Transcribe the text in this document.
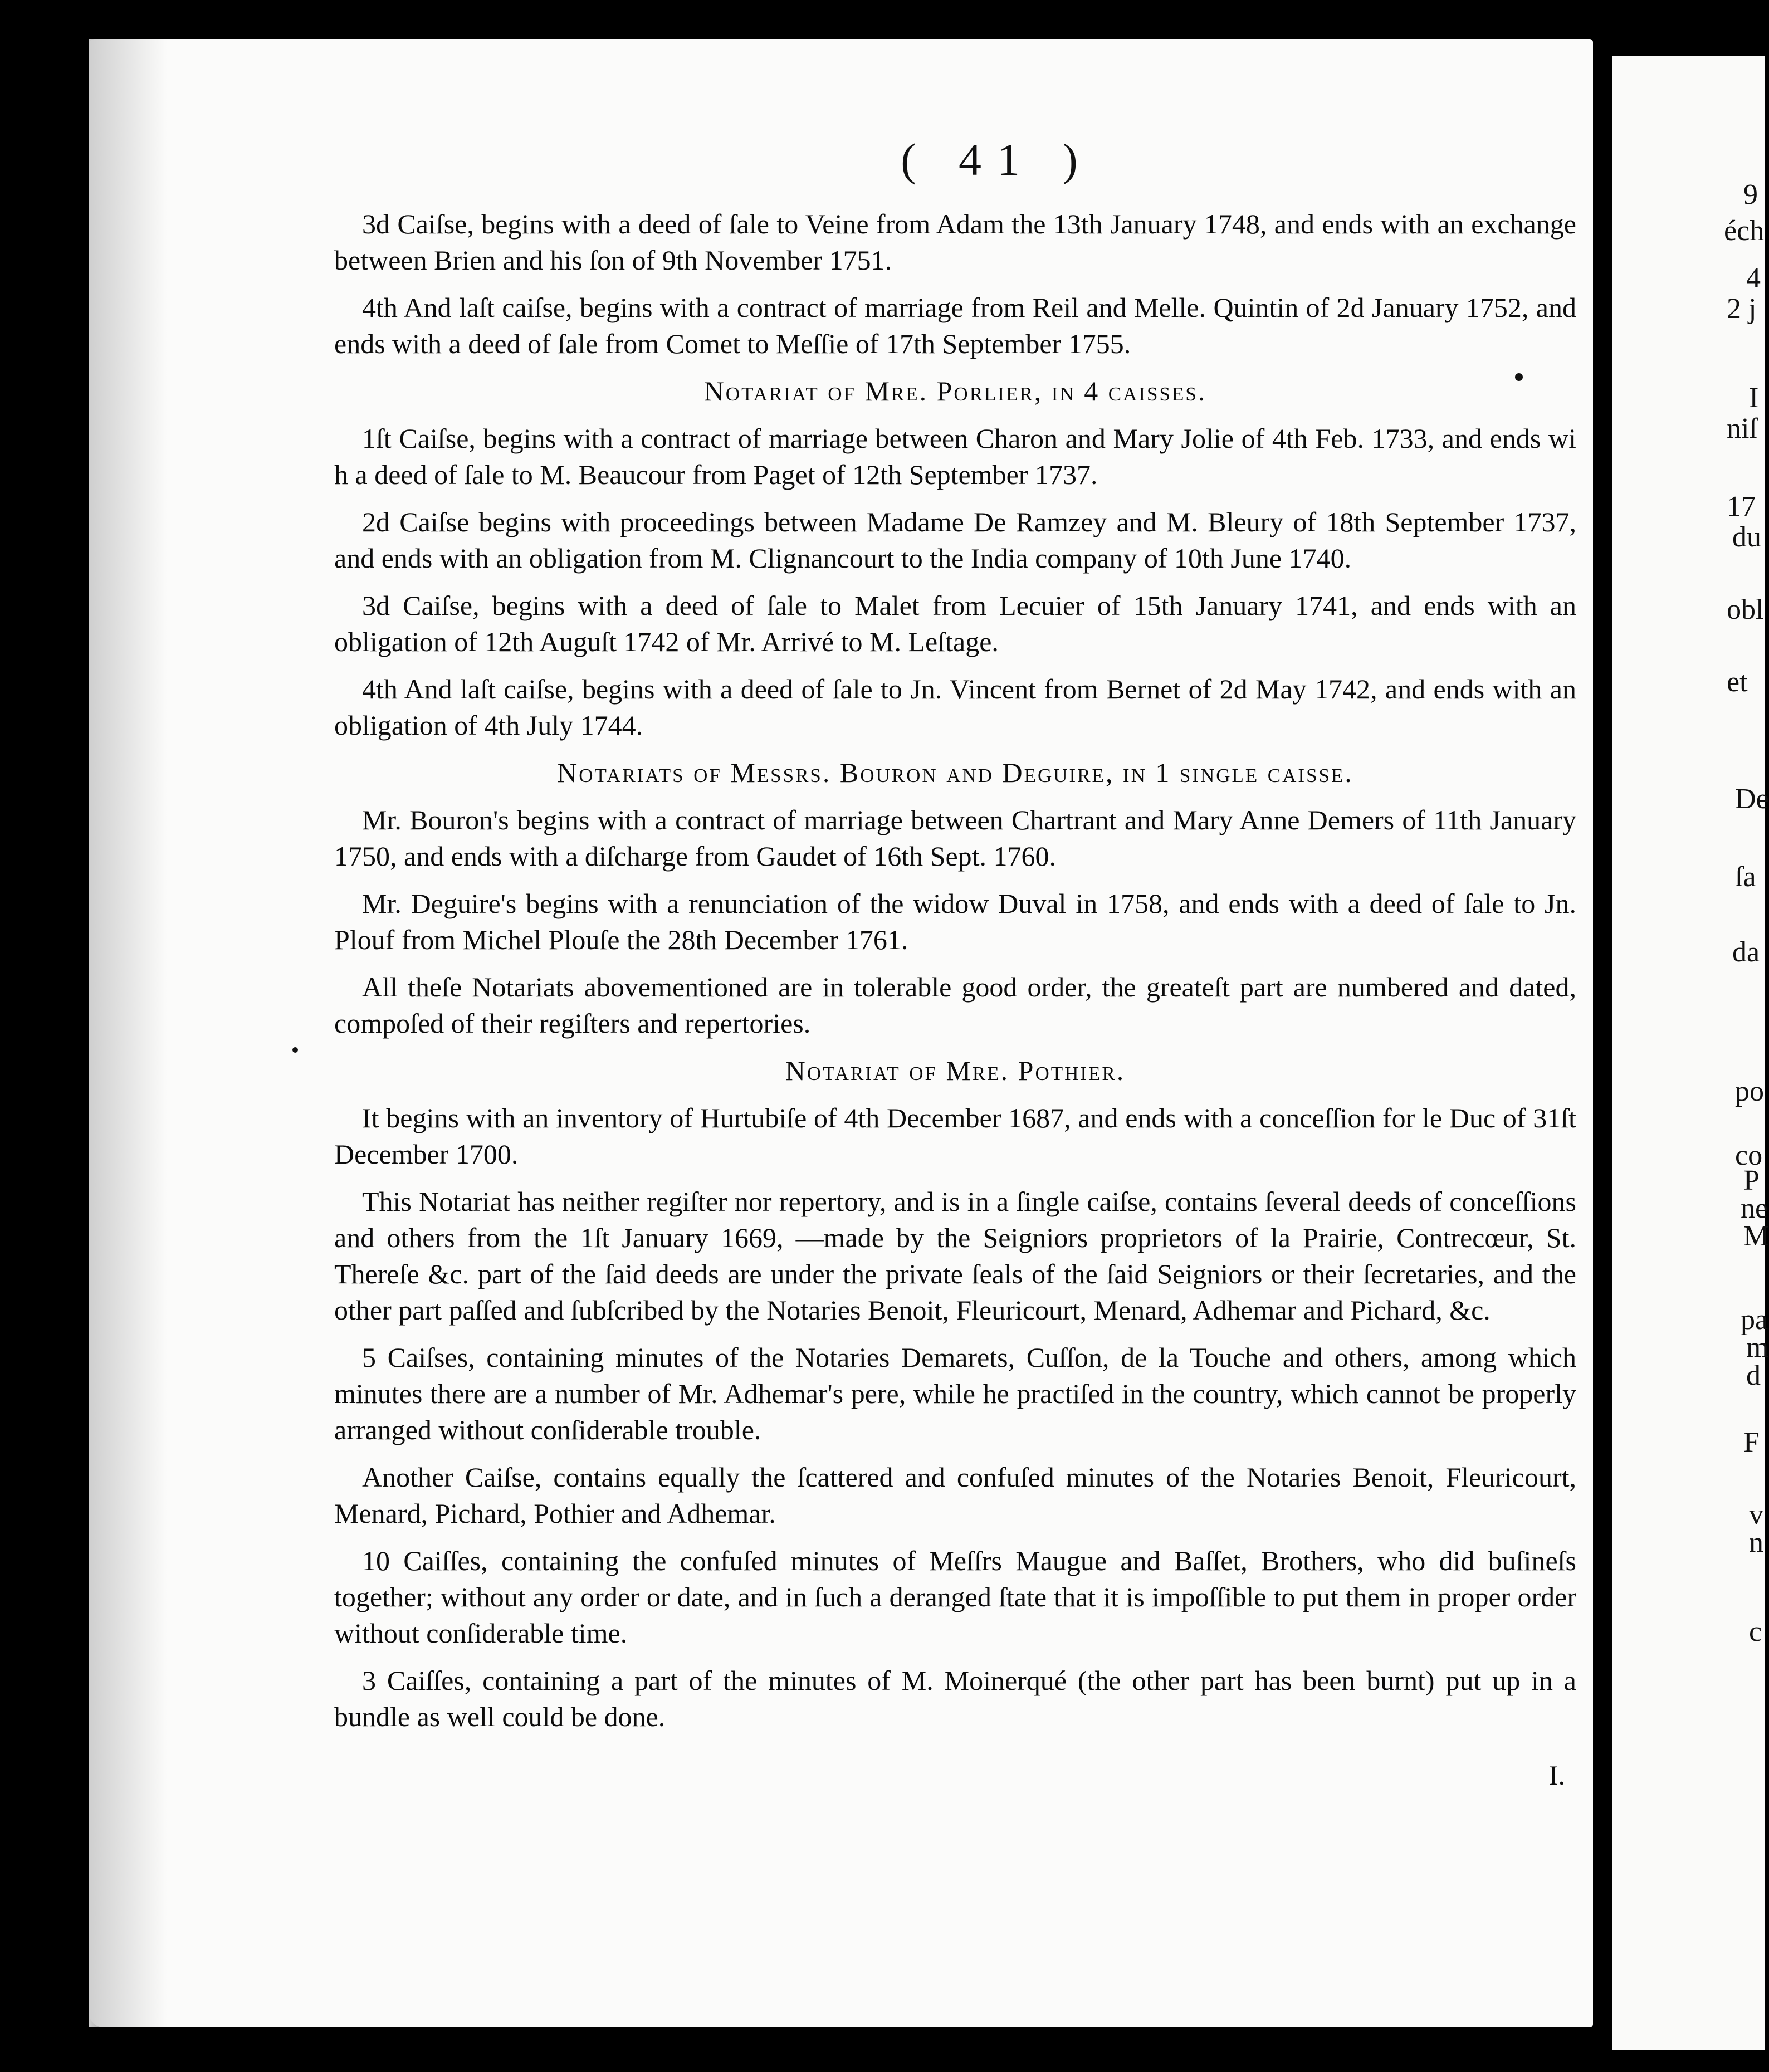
( 41 )

3d Caiſse, begins with a deed of ſale to Veine from Adam the 13th January 1748, and ends with an exchange between Brien and his ſon of 9th November 1751.

4th And laſt caiſse, begins with a contract of marriage from Reil and Melle. Quintin of 2d January 1752, and ends with a deed of ſale from Comet to Meſſie of 17th September 1755.

Notariat of Mre. Porlier, in 4 caiſses.

1ſt Caiſse, begins with a contract of marriage between Charon and Mary Jolie of 4th Feb. 1733, and ends wi h a deed of ſale to M. Beaucour from Paget of 12th September 1737.

2d Caiſse begins with proceedings between Madame De Ramzey and M. Bleury of 18th September 1737, and ends with an obligation from M. Clignancourt to the India company of 10th June 1740.

3d Caiſse, begins with a deed of ſale to Malet from Lecuier of 15th January 1741, and ends with an obligation of 12th Auguſt 1742 of Mr. Arrivé to M. Leſtage.

4th And laſt caiſse, begins with a deed of ſale to Jn. Vincent from Bernet of 2d May 1742, and ends with an obligation of 4th July 1744.

Notariats of Meſſrs. Bouron and Deguire, in 1 ſingle caiſse.

Mr. Bouron's begins with a contract of marriage between Chartrant and Mary Anne Demers of 11th January 1750, and ends with a diſcharge from Gaudet of 16th Sept. 1760.

Mr. Deguire's begins with a renunciation of the widow Duval in 1758, and ends with a deed of ſale to Jn. Plouf from Michel Plouſe the 28th December 1761.

All theſe Notariats abovementioned are in tolerable good order, the greateſt part are numbered and dated, compoſed of their regiſters and repertories.

Notariat of Mre. Pothier.

It begins with an inventory of Hurtubiſe of 4th December 1687, and ends with a conceſſion for le Duc of 31ſt December 1700.

This Notariat has neither regiſter nor repertory, and is in a ſingle caiſse, contains ſeveral deeds of conceſſions and others from the 1ſt January 1669, —made by the Seigniors proprietors of la Prairie, Contrecœur, St. Thereſe &c. part of the ſaid deeds are under the private ſeals of the ſaid Seigniors or their ſecretaries, and the other part paſſed and ſubſcribed by the Notaries Benoit, Fleuricourt, Menard, Adhemar and Pichard, &c.

5 Caiſses, containing minutes of the Notaries Demarets, Cuſſon, de la Touche and others, among which minutes there are a number of Mr. Adhemar's pere, while he practiſed in the country, which cannot be properly arranged without conſiderable trouble.

Another Caiſse, contains equally the ſcattered and confuſed minutes of the Notaries Benoit, Fleuricourt, Menard, Pichard, Pothier and Adhemar.

10 Caiſſes, containing the confuſed minutes of Meſſrs Maugue and Baſſet, Brothers, who did buſineſs together; without any order or date, and in ſuch a deranged ſtate that it is impoſſible to put them in proper order without conſiderable time.

3 Caiſſes, containing a part of the minutes of M. Moinerqué (the other part has been burnt) put up in a bundle as well could be done.

I.
9
éch
4
2 j
I
niſ
17
du
obl
et
De
ſa
da
po
co
P
ne
M
pa
m
d
F
v
n
c
